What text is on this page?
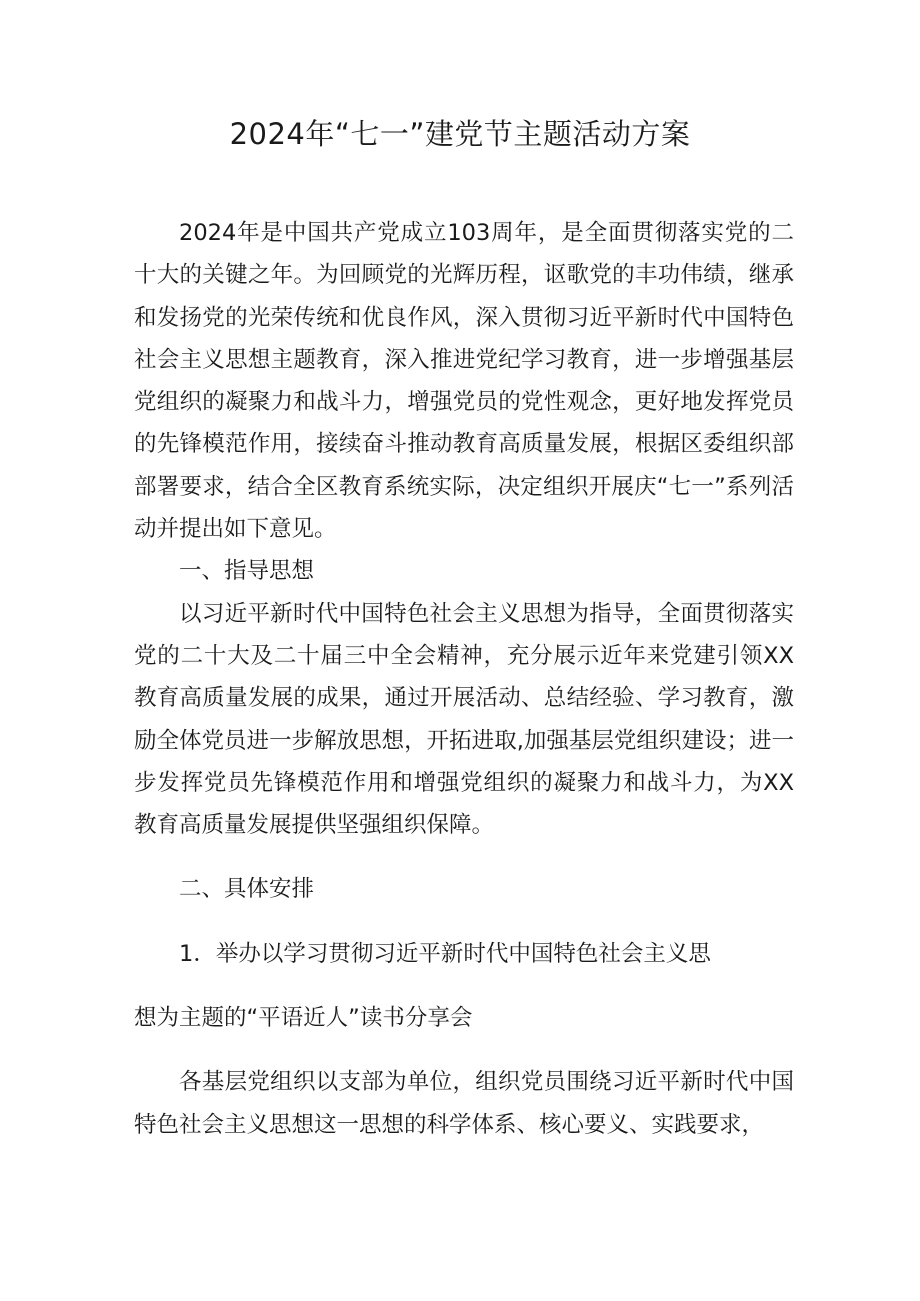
2024年“七一”建党节主题活动方案

2024年是中国共产党成立103周年，是全面贯彻落实党的二十大的关键之年。为回顾党的光辉历程，讴歌党的丰功伟绩，继承和发扬党的光荣传统和优良作风，深入贯彻习近平新时代中国特色社会主义思想主题教育，深入推进党纪学习教育，进一步增强基层党组织的凝聚力和战斗力，增强党员的党性观念，更好地发挥党员的先锋模范作用，接续奋斗推动教育高质量发展，根据区委组织部部署要求，结合全区教育系统实际，决定组织开展庆“七一”系列活动并提出如下意见。

一、指导思想

以习近平新时代中国特色社会主义思想为指导，全面贯彻落实党的二十大及二十届三中全会精神，充分展示近年来党建引领XX教育高质量发展的成果，通过开展活动、总结经验、学习教育，激励全体党员进一步解放思想，开拓进取,加强基层党组织建设；进一步发挥党员先锋模范作用和增强党组织的凝聚力和战斗力，为XX教育高质量发展提供坚强组织保障。

二、具体安排

1．举办以学习贯彻习近平新时代中国特色社会主义思

想为主题的“平语近人”读书分享会

各基层党组织以支部为单位，组织党员围绕习近平新时代中国特色社会主义思想这一思想的科学体系、核心要义、实践要求，
